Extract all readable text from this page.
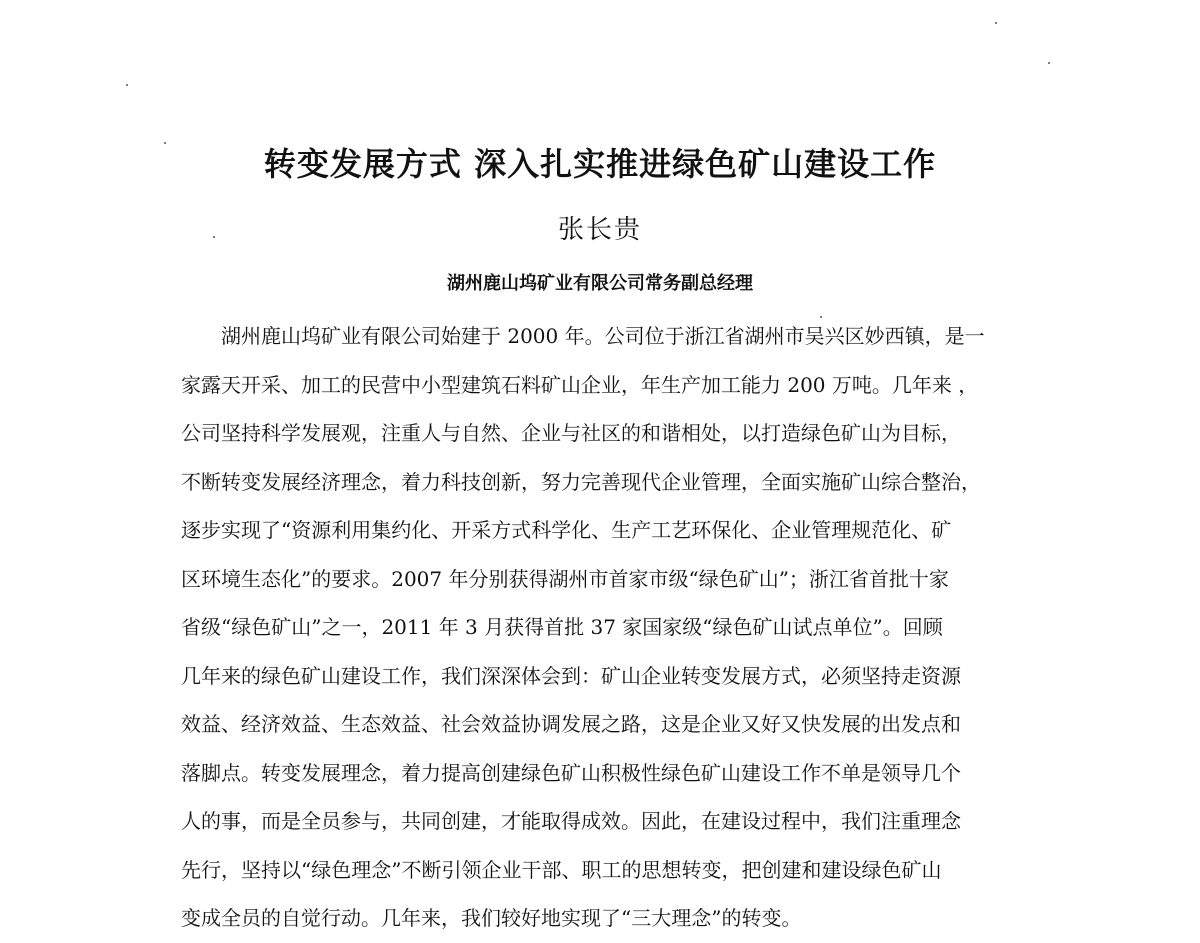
转变发展方式 深入扎实推进绿色矿山建设工作
张长贵
湖州鹿山坞矿业有限公司常务副总经理
湖州鹿山坞矿业有限公司始建于 2000 年。公司位于浙江省湖州市吴兴区妙西镇，是一
家露天开采、加工的民营中小型建筑石料矿山企业，年生产加工能力 200 万吨。几年来 ，
公司坚持科学发展观，注重人与自然、企业与社区的和谐相处，以打造绿色矿山为目标，
不断转变发展经济理念，着力科技创新，努力完善现代企业管理，全面实施矿山综合整治，
逐步实现了“资源利用集约化、开采方式科学化、生产工艺环保化、企业管理规范化、矿
区环境生态化”的要求。2007 年分别获得湖州市首家市级“绿色矿山”；浙江省首批十家
省级“绿色矿山”之一，2011 年 3 月获得首批 37 家国家级“绿色矿山试点单位”。回顾
几年来的绿色矿山建设工作，我们深深体会到：矿山企业转变发展方式，必须坚持走资源
效益、经济效益、生态效益、社会效益协调发展之路，这是企业又好又快发展的出发点和
落脚点。转变发展理念，着力提高创建绿色矿山积极性绿色矿山建设工作不单是领导几个
人的事，而是全员参与，共同创建，才能取得成效。因此，在建设过程中，我们注重理念
先行，坚持以“绿色理念”不断引领企业干部、职工的思想转变，把创建和建设绿色矿山
变成全员的自觉行动。几年来，我们较好地实现了“三大理念”的转变。
